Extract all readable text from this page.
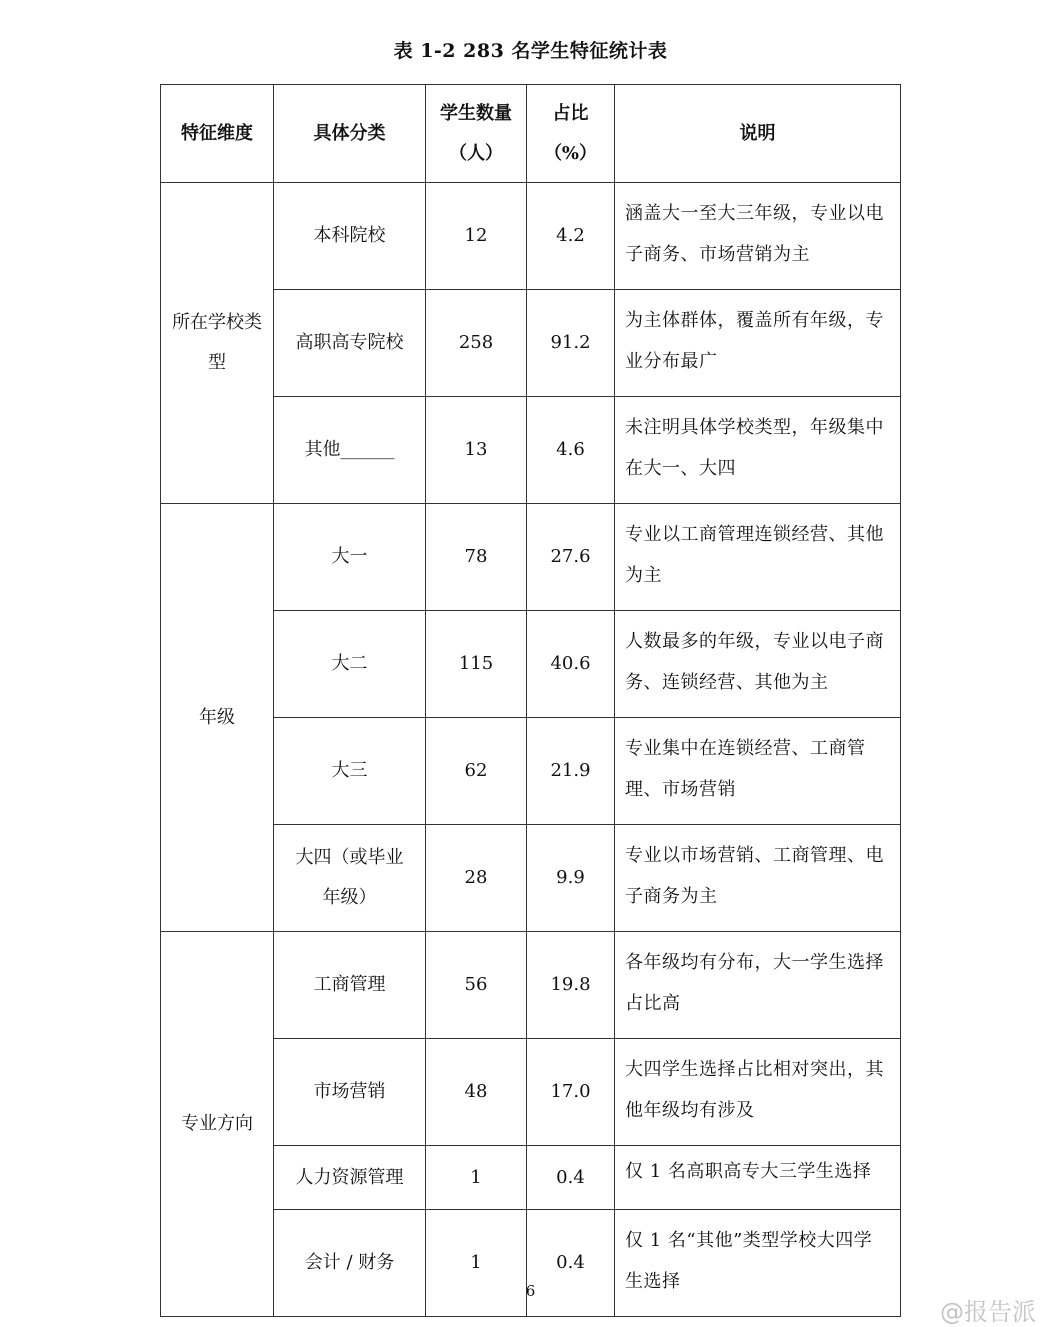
表 1-2 283 名学生特征统计表
特征维度	具体分类	学生数量（人）	占比（%）	说明
所在学校类型	本科院校	12	4.2	涵盖大一至大三年级，专业以电子商务、市场营销为主
	高职高专院校	258	91.2	为主体群体，覆盖所有年级，专业分布最广
	其他______	13	4.6	未注明具体学校类型，年级集中在大一、大四
年级	大一	78	27.6	专业以工商管理连锁经营、其他为主
	大二	115	40.6	人数最多的年级，专业以电子商务、连锁经营、其他为主
	大三	62	21.9	专业集中在连锁经营、工商管理、市场营销
	大四（或毕业年级）	28	9.9	专业以市场营销、工商管理、电子商务为主
专业方向	工商管理	56	19.8	各年级均有分布，大一学生选择占比高
	市场营销	48	17.0	大四学生选择占比相对突出，其他年级均有涉及
	人力资源管理	1	0.4	仅 1 名高职高专大三学生选择
	会计 / 财务	1	0.4	仅 1 名“其他”类型学校大四学生选择
6
@报告派
